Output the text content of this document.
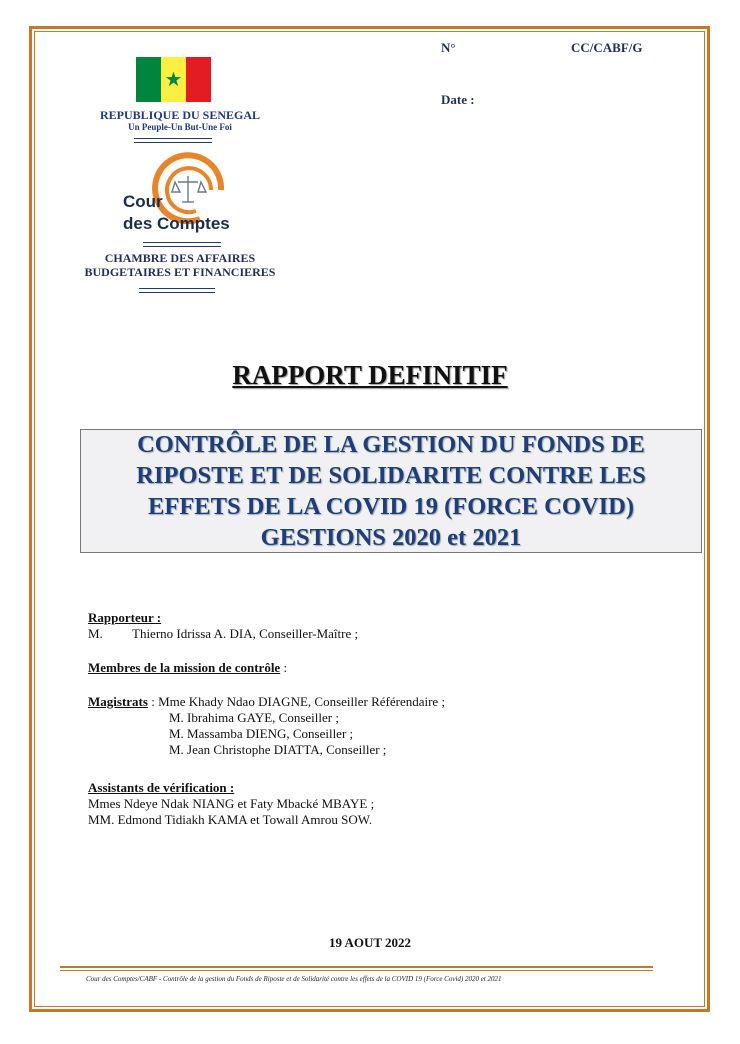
N°	CC/CABF/G
Date :
★
REPUBLIQUE DU SENEGAL
Un Peuple-Un But-Une Foi
Cour
des Comptes
CHAMBRE DES AFFAIRES
BUDGETAIRES ET FINANCIERES
RAPPORT DEFINITIF
CONTRÔLE DE LA GESTION DU FONDS DE
RIPOSTE ET DE SOLIDARITE CONTRE LES
EFFETS DE LA COVID 19 (FORCE COVID)
GESTIONS 2020 et 2021
Rapporteur :
M. Thierno Idrissa A. DIA, Conseiller-Maître ;
Membres de la mission de contrôle :
Magistrats : Mme Khady Ndao DIAGNE, Conseiller Référendaire ;
M. Ibrahima GAYE, Conseiller ;
M. Massamba DIENG, Conseiller ;
M. Jean Christophe DIATTA, Conseiller ;
Assistants de vérification :
Mmes Ndeye Ndak NIANG et Faty Mbacké MBAYE ;
MM. Edmond Tidiakh KAMA et Towall Amrou SOW.
19 AOUT 2022
Cour des Comptes/CABF - Contrôle de la gestion du Fonds de Riposte et de Solidarité contre les effets de la COVID 19 (Force Covid) 2020 et 2021
